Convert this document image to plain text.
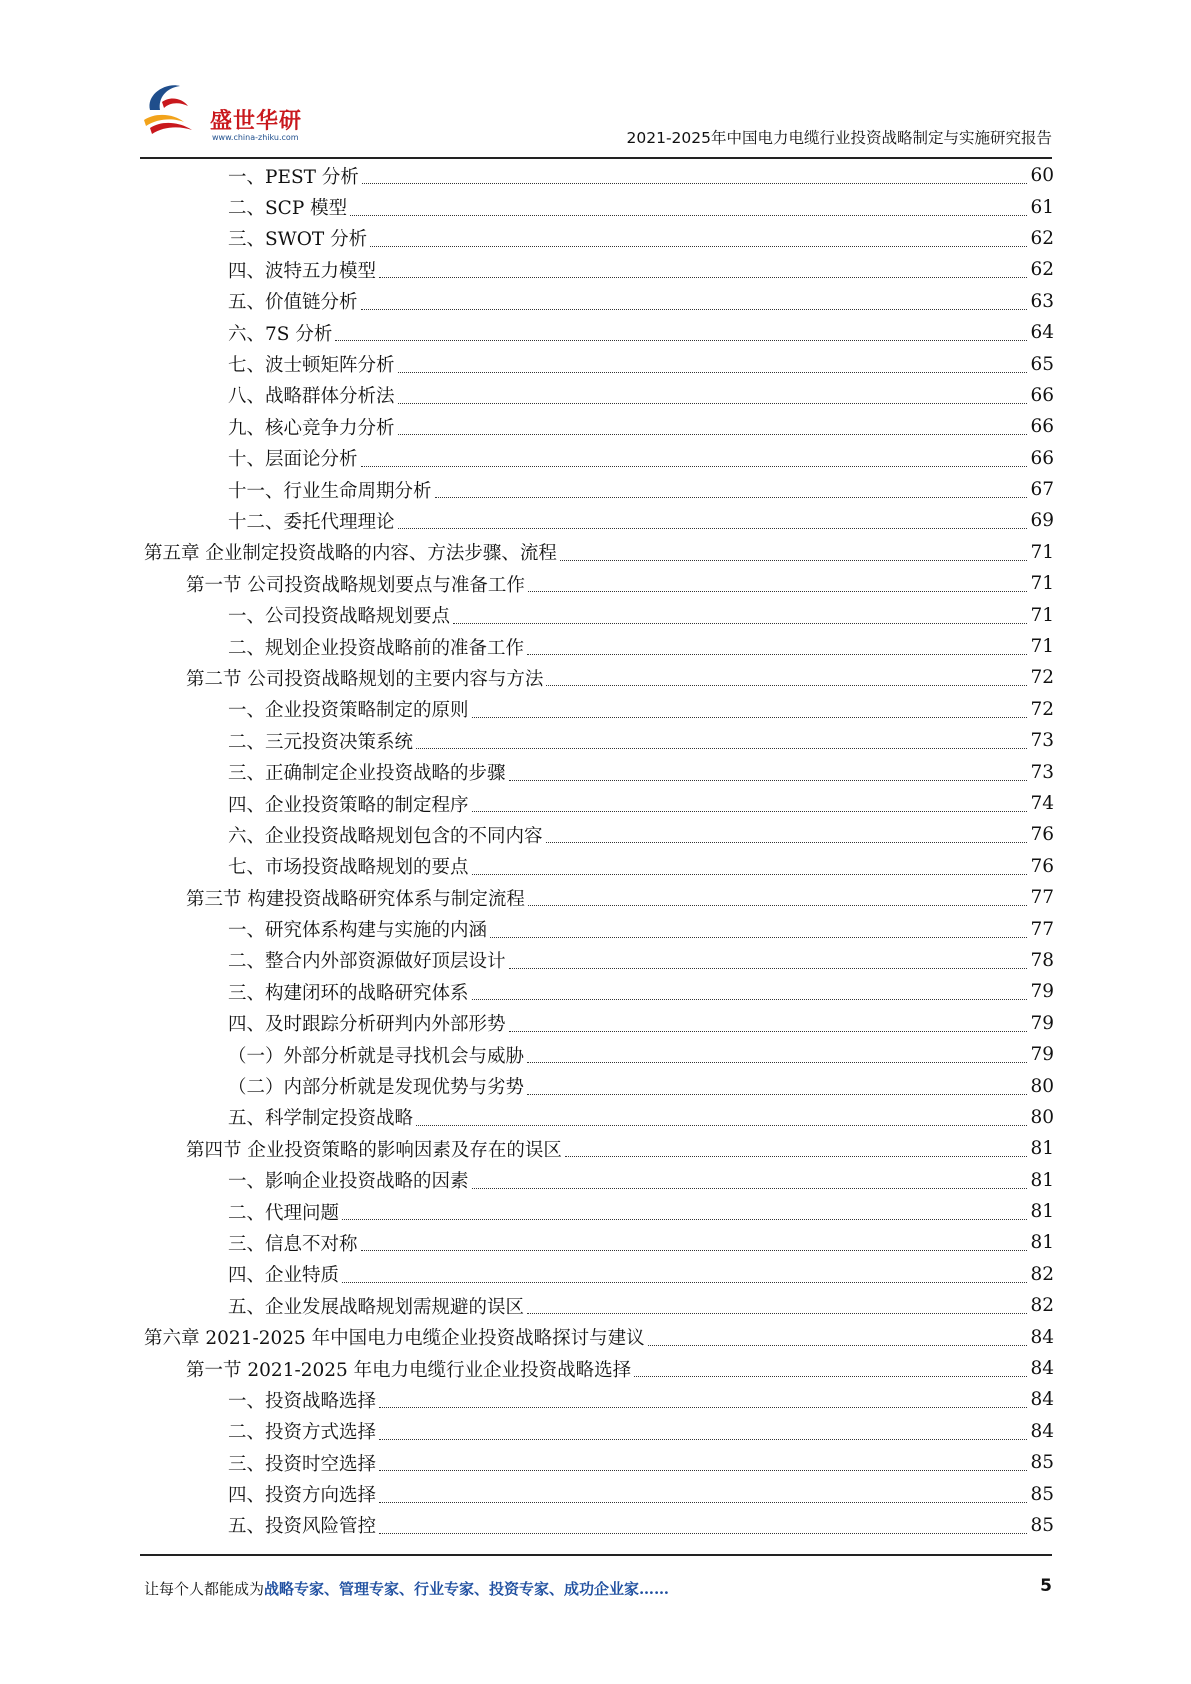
盛世华研
www.china-zhiku.com	2021-2025年中国电力电缆行业投资战略制定与实施研究报告
一、PEST 分析	60
二、SCP 模型	61
三、SWOT 分析	62
四、波特五力模型	62
五、价值链分析	63
六、7S 分析	64
七、波士顿矩阵分析	65
八、战略群体分析法	66
九、核心竞争力分析	66
十、层面论分析	66
十一、行业生命周期分析	67
十二、委托代理理论	69
第五章 企业制定投资战略的内容、方法步骤、流程	71
第一节 公司投资战略规划要点与准备工作	71
一、公司投资战略规划要点	71
二、规划企业投资战略前的准备工作	71
第二节 公司投资战略规划的主要内容与方法	72
一、企业投资策略制定的原则	72
二、三元投资决策系统	73
三、正确制定企业投资战略的步骤	73
四、企业投资策略的制定程序	74
六、企业投资战略规划包含的不同内容	76
七、市场投资战略规划的要点	76
第三节 构建投资战略研究体系与制定流程	77
一、研究体系构建与实施的内涵	77
二、整合内外部资源做好顶层设计	78
三、构建闭环的战略研究体系	79
四、及时跟踪分析研判内外部形势	79
（一）外部分析就是寻找机会与威胁	79
（二）内部分析就是发现优势与劣势	80
五、科学制定投资战略	80
第四节 企业投资策略的影响因素及存在的误区	81
一、影响企业投资战略的因素	81
二、代理问题	81
三、信息不对称	81
四、企业特质	82
五、企业发展战略规划需规避的误区	82
第六章 2021-2025 年中国电力电缆企业投资战略探讨与建议	84
第一节 2021-2025 年电力电缆行业企业投资战略选择	84
一、投资战略选择	84
二、投资方式选择	84
三、投资时空选择	85
四、投资方向选择	85
五、投资风险管控	85
让每个人都能成为战略专家、管理专家、行业专家、投资专家、成功企业家……	5
